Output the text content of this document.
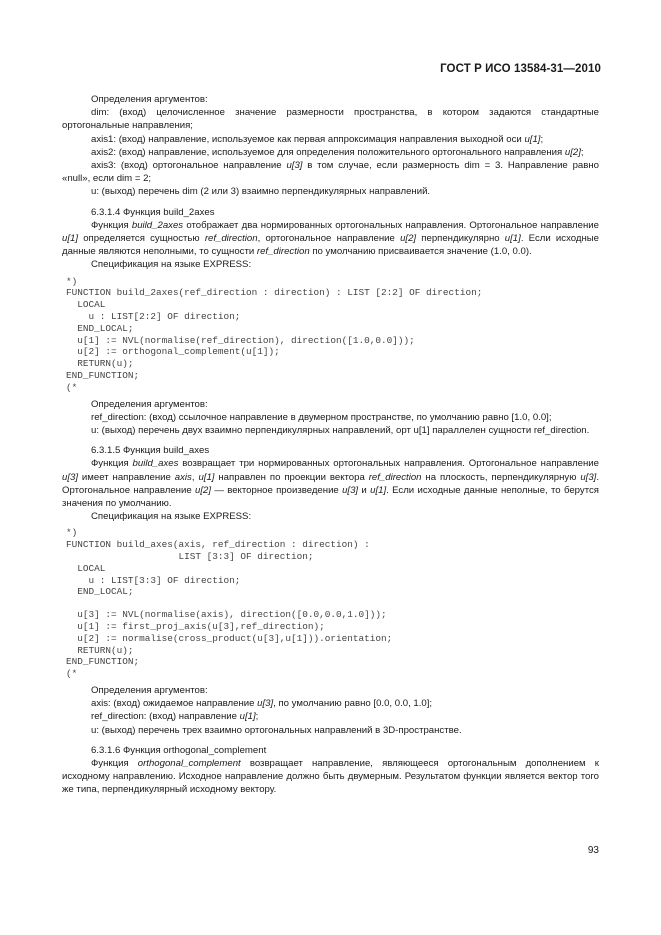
ГОСТ Р ИСО 13584-31—2010

Определения аргументов:

dim: (вход) целочисленное значение размерности пространства, в котором задаются стандартные ортогональные направления;

axis1: (вход) направление, используемое как первая аппроксимация направления выходной оси u[1];

axis2: (вход) направление, используемое для определения положительного ортогонального направления u[2];

axis3: (вход) ортогональное направление u[3] в том случае, если размерность dim = 3. Направление равно «null», если dim = 2;

u: (выход) перечень dim (2 или 3) взаимно перпендикулярных направлений.

6.3.1.4 Функция build_2axes

Функция build_2axes отображает два нормированных ортогональных направления. Ортогональное направление u[1] определяется сущностью ref_direction, ортогональное направление u[2] перпендикулярно u[1]. Если исходные данные являются неполными, то сущности ref_direction по умолчанию присваивается значение (1.0, 0.0).

Спецификация на языке EXPRESS:

*)
FUNCTION build_2axes(ref_direction : direction) : LIST [2:2] OF direction;
LOCAL
u : LIST[2:2] OF direction;
END_LOCAL;
u[1] := NVL(normalise(ref_direction), direction([1.0,0.0]));
u[2] := orthogonal_complement(u[1]);
RETURN(u);
END_FUNCTION;
(*

Определения аргументов:

ref_direction: (вход) ссылочное направление в двумерном пространстве, по умолчанию равно [1.0, 0.0];

u: (выход) перечень двух взаимно перпендикулярных направлений, орт u[1] параллелен сущности ref_direction.

6.3.1.5 Функция build_axes

Функция build_axes возвращает три нормированных ортогональных направления. Ортогональное направление u[3] имеет направление axis, u[1] направлен по проекции вектора ref_direction на плоскость, перпендикулярную u[3]. Ортогональное направление u[2] — векторное произведение u[3] и u[1]. Если исходные данные неполные, то берутся значения по умолчанию.

Спецификация на языке EXPRESS:

*)
FUNCTION build_axes(axis, ref_direction : direction) :
LIST [3:3] OF direction;
LOCAL
u : LIST[3:3] OF direction;
END_LOCAL;
u[3] := NVL(normalise(axis), direction([0.0,0.0,1.0]));
u[1] := first_proj_axis(u[3],ref_direction);
u[2] := normalise(cross_product(u[3],u[1])).orientation;
RETURN(u);
END_FUNCTION;
(*

Определения аргументов:

axis: (вход) ожидаемое направление u[3], по умолчанию равно [0.0, 0.0, 1.0];

ref_direction: (вход) направление u[1];

u: (выход) перечень трех взаимно ортогональных направлений в 3D-пространстве.

6.3.1.6 Функция orthogonal_complement

Функция orthogonal_complement возвращает направление, являющееся ортогональным дополнением к исходному направлению. Исходное направление должно быть двумерным. Результатом функции является вектор того же типа, перпендикулярный исходному вектору.

93
